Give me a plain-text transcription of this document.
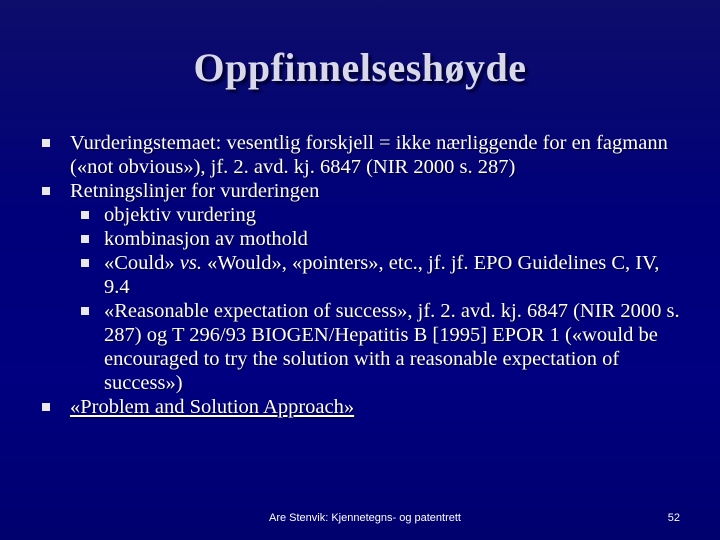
Oppfinnelseshøyde
Vurderingstemaet: vesentlig forskjell = ikke nærliggende for en fagmann («not obvious»), jf. 2. avd. kj. 6847 (NIR 2000 s. 287)
Retningslinjer for vurderingen
objektiv vurdering
kombinasjon av mothold
«Could» vs. «Would», «pointers», etc., jf. jf. EPO Guidelines C, IV, 9.4
«Reasonable expectation of success», jf. 2. avd. kj. 6847 (NIR 2000 s. 287) og T 296/93 BIOGEN/Hepatitis B [1995] EPOR 1 («would be encouraged to try the solution with a reasonable expectation of success»)
«Problem and Solution Approach»
Are Stenvik: Kjennetegns- og patentrett	52
